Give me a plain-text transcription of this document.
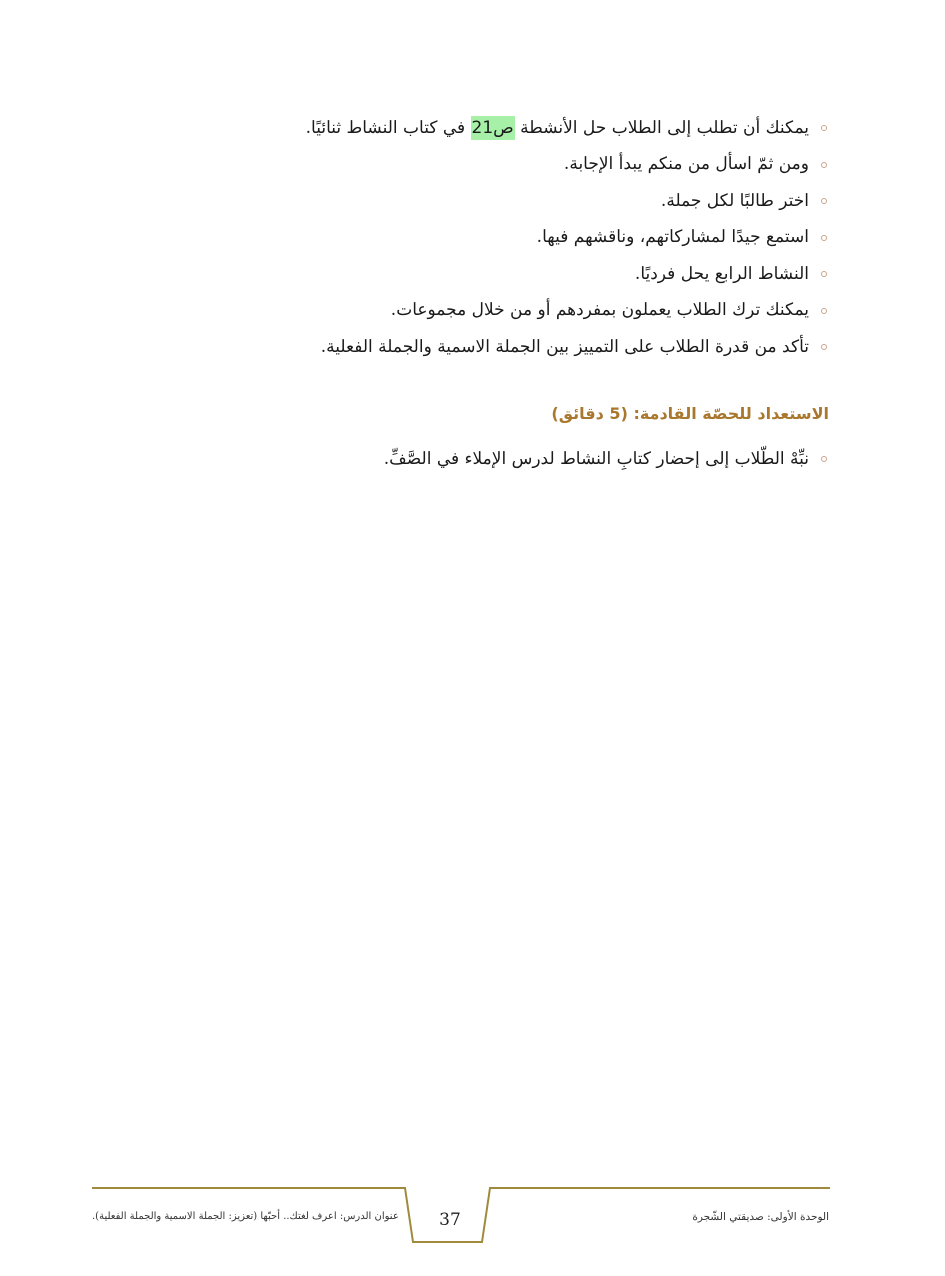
يمكنك أن تطلب إلى الطلاب حل الأنشطة ص21 في كتاب النشاط ثنائيًا.
ومن ثمّ اسأل من منكم يبدأ الإجابة.
اختر طالبًا لكل جملة.
استمع جيدًا لمشاركاتهم، وناقشهم فيها.
النشاط الرابع يحل فرديًا.
يمكنك ترك الطلاب يعملون بمفردهم أو من خلال مجموعات.
تأكد من قدرة الطلاب على التمييز بين الجملة الاسمية والجملة الفعلية.
الاستعداد للحصّة القادمة: (5 دقائق)
نبِّهْ الطّلاب إلى إحضار كتابِ النشاط لدرس الإملاء في الصَّفِّ.
عنوان الدرس: اعرف لغتك.. أحبّها (تعزيز: الجملة الاسمية والجملة الفعلية).	37	الوحدة الأولى: صديقتي الشّجرة
